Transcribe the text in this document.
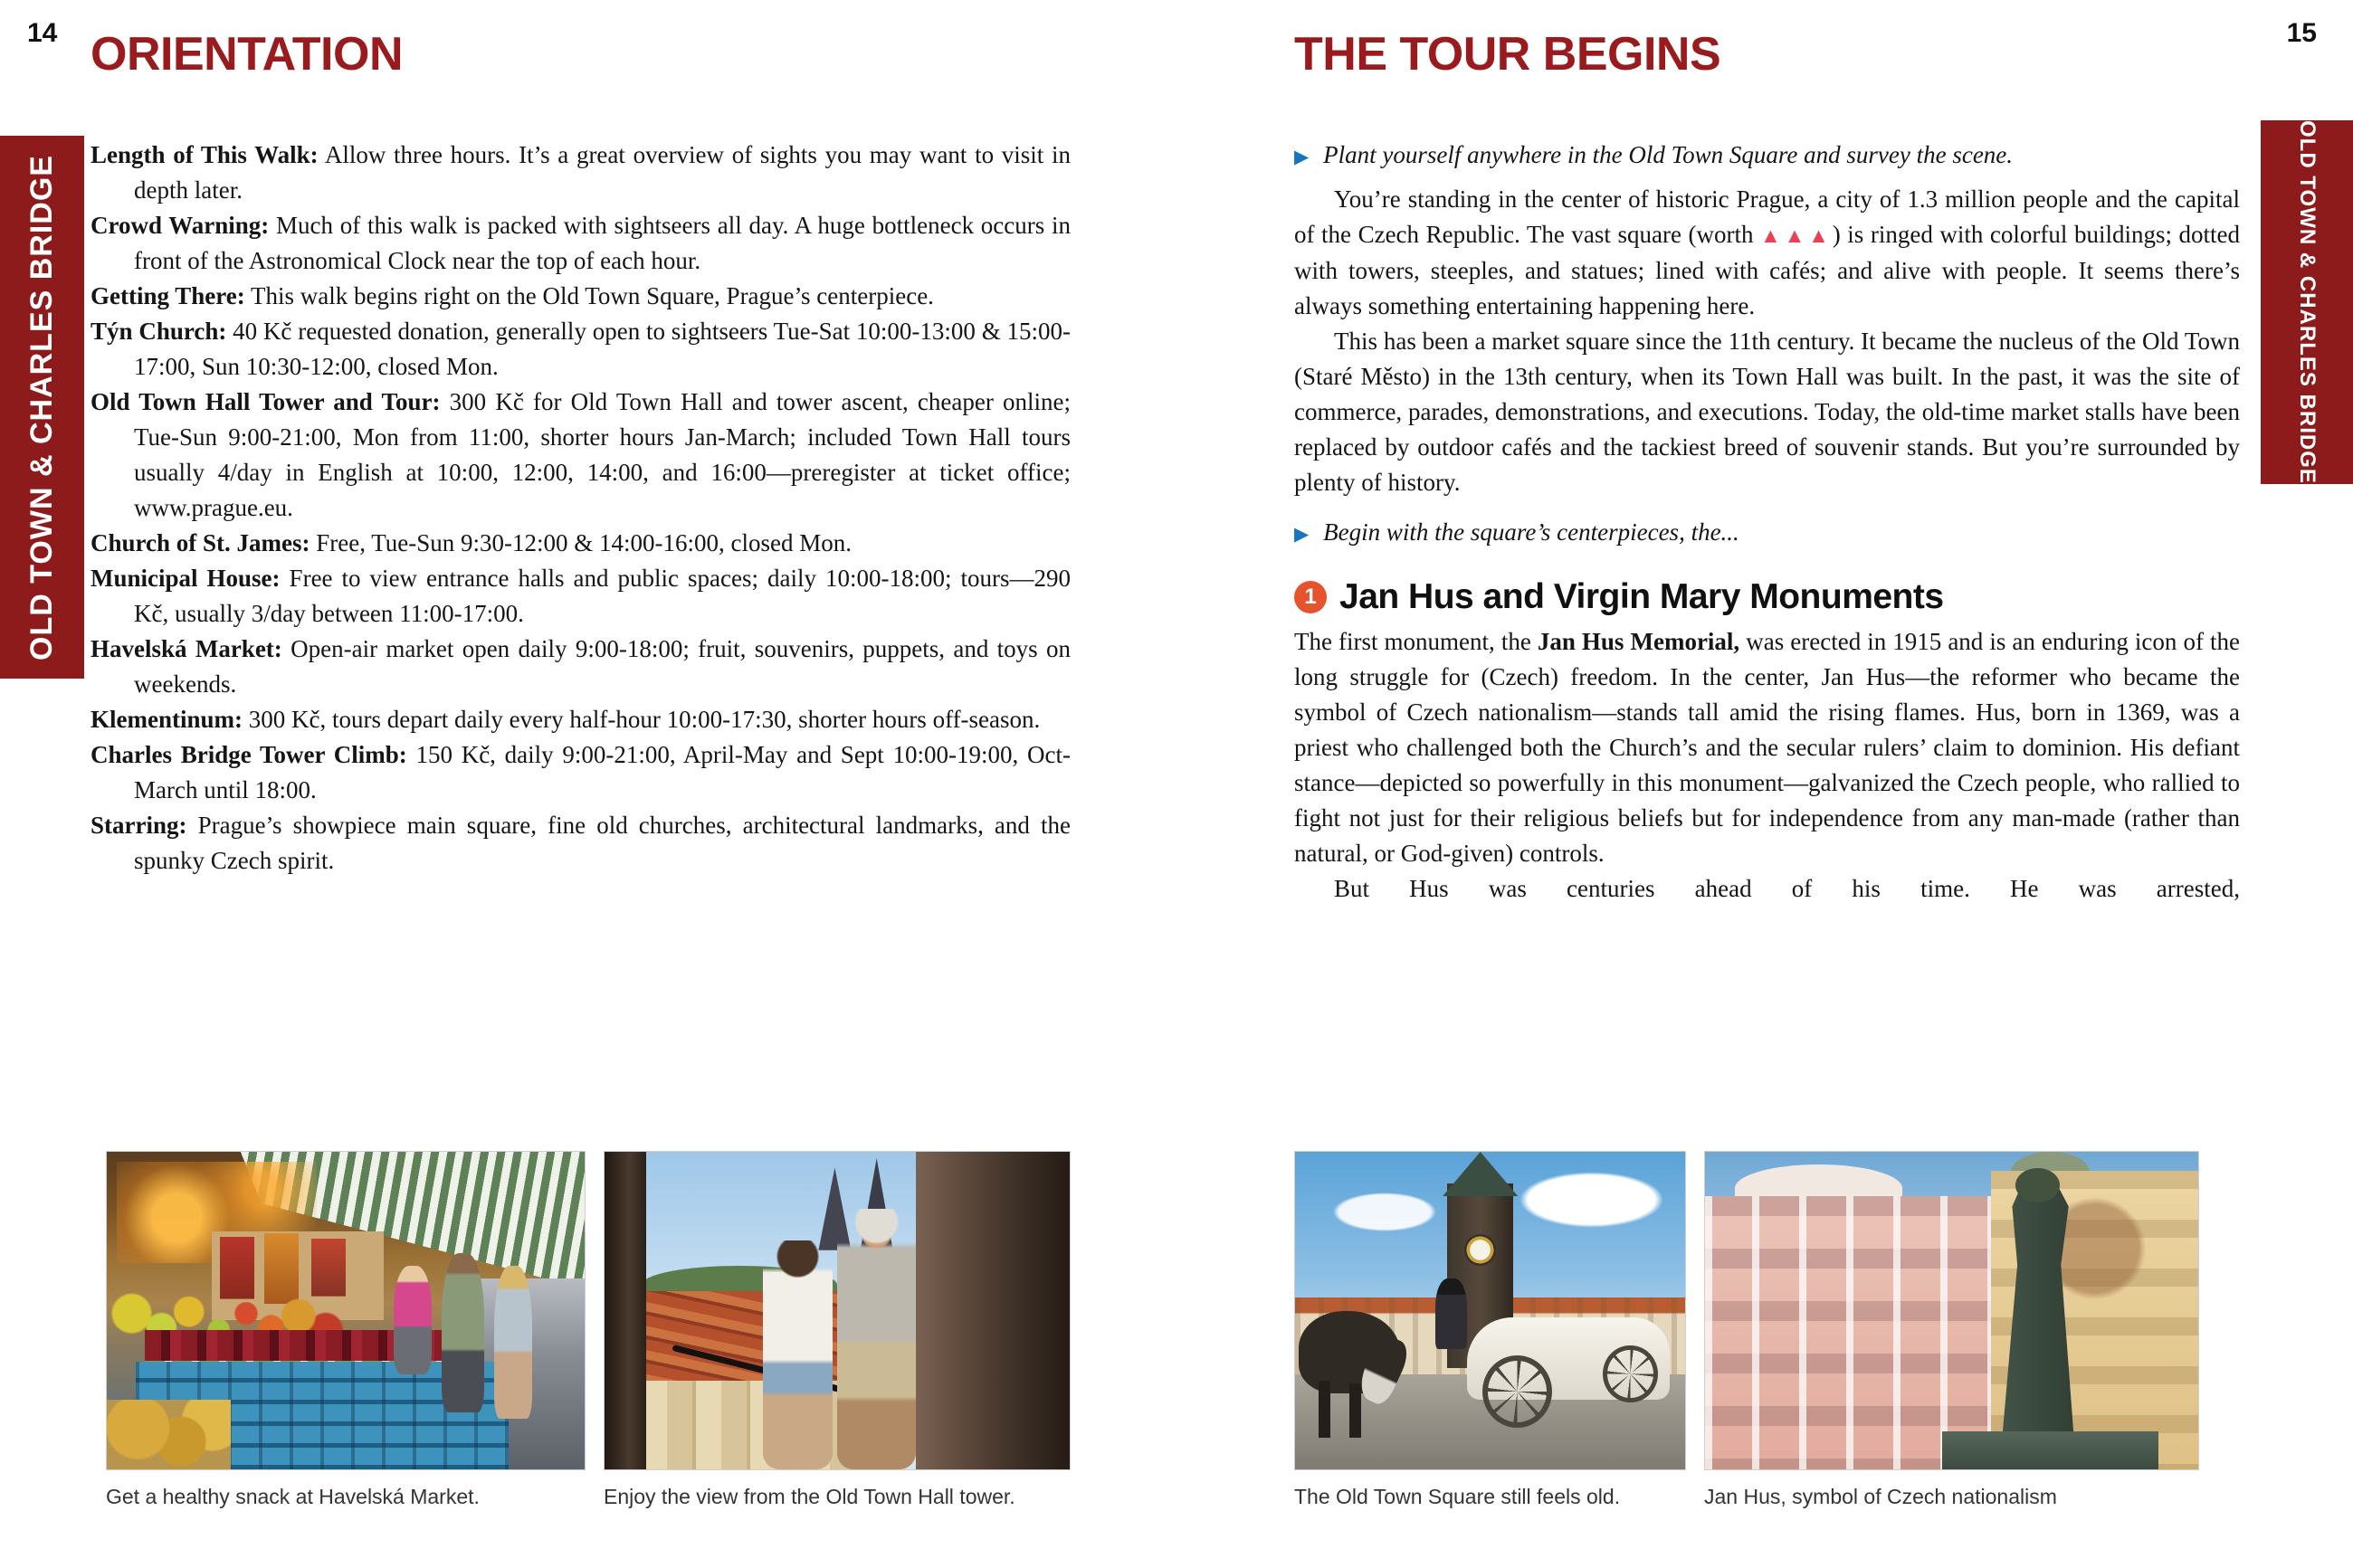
14
OLD TOWN & CHARLES BRIDGE
ORIENTATION

Length of This Walk: Allow three hours. It’s a great overview of sights you may want to visit in depth later.

Crowd Warning: Much of this walk is packed with sightseers all day. A huge bottleneck occurs in front of the Astronomical Clock near the top of each hour.

Getting There: This walk begins right on the Old Town Square, Prague’s centerpiece.

Týn Church: 40 Kč requested donation, generally open to sightseers Tue-Sat 10:00-13:00 & 15:00-17:00, Sun 10:30-12:00, closed Mon.

Old Town Hall Tower and Tour: 300 Kč for Old Town Hall and tower ascent, cheaper online; Tue-Sun 9:00-21:00, Mon from 11:00, shorter hours Jan-March; included Town Hall tours usually 4/day in English at 10:00, 12:00, 14:00, and 16:00—preregister at ticket office; www.prague.eu.

Church of St. James: Free, Tue-Sun 9:30-12:00 & 14:00-16:00, closed Mon.

Municipal House: Free to view entrance halls and public spaces; daily 10:00-18:00; tours—290 Kč, usually 3/day between 11:00-17:00.

Havelská Market: Open-air market open daily 9:00-18:00; fruit, souvenirs, puppets, and toys on weekends.

Klementinum: 300 Kč, tours depart daily every half-hour 10:00-17:30, shorter hours off-season.

Charles Bridge Tower Climb: 150 Kč, daily 9:00-21:00, April-May and Sept 10:00-19:00, Oct-March until 18:00.

Starring: Prague’s showpiece main square, fine old churches, architectural landmarks, and the spunky Czech spirit.

Get a healthy snack at Havelská Market.	Enjoy the view from the Old Town Hall tower.
15
OLD TOWN & CHARLES BRIDGE
THE TOUR BEGINS

▶ Plant yourself anywhere in the Old Town Square and survey the scene.

You’re standing in the center of historic Prague, a city of 1.3 million people and the capital of the Czech Republic. The vast square (worth ▲▲▲) is ringed with colorful buildings; dotted with towers, steeples, and statues; lined with cafés; and alive with people. It seems there’s always something entertaining happening here.

This has been a market square since the 11th century. It became the nucleus of the Old Town (Staré Město) in the 13th century, when its Town Hall was built. In the past, it was the site of commerce, parades, demonstrations, and executions. Today, the old-time market stalls have been replaced by outdoor cafés and the tackiest breed of souvenir stands. But you’re surrounded by plenty of history.

▶ Begin with the square’s centerpieces, the...

1 Jan Hus and Virgin Mary Monuments

The first monument, the Jan Hus Memorial, was erected in 1915 and is an enduring icon of the long struggle for (Czech) freedom. In the center, Jan Hus—the reformer who became the symbol of Czech nationalism—stands tall amid the rising flames. Hus, born in 1369, was a priest who challenged both the Church’s and the secular rulers’ claim to dominion. His defiant stance—depicted so powerfully in this monument—galvanized the Czech people, who rallied to fight not just for their religious beliefs but for independence from any man-made (rather than natural, or God-given) controls.

But Hus was centuries ahead of his time. He was arrested,

The Old Town Square still feels old.	Jan Hus, symbol of Czech nationalism
